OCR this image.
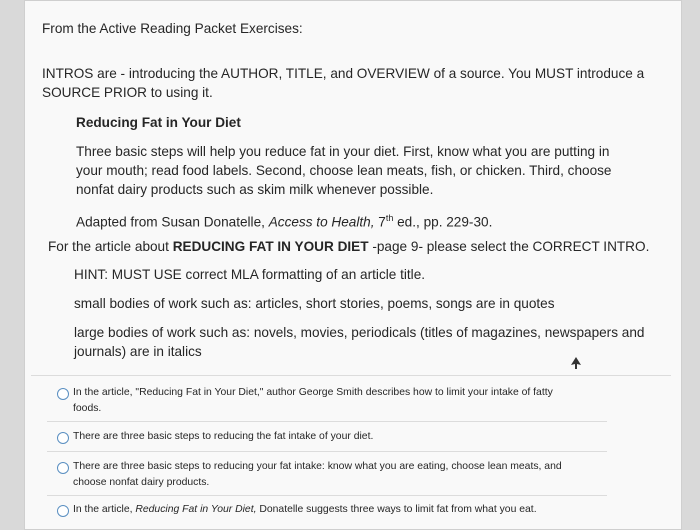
From the Active Reading Packet Exercises:

INTROS are - introducing the AUTHOR, TITLE, and OVERVIEW of a source. You MUST introduce a

SOURCE PRIOR to using it.

Reducing Fat in Your Diet

Three basic steps will help you reduce fat in your diet. First, know what you are putting in

your mouth; read food labels. Second, choose lean meats, fish, or chicken. Third, choose

nonfat dairy products such as skim milk whenever possible.

Adapted from Susan Donatelle, Access to Health, 7th ed., pp. 229-30.

For the article about REDUCING FAT IN YOUR DIET -page 9- please select the CORRECT INTRO.

HINT: MUST USE correct MLA formatting of an article title.

small bodies of work such as: articles, short stories, poems, songs are in quotes

large bodies of work such as: novels, movies, periodicals (titles of magazines, newspapers and

journals) are in italics

In the article, "Reducing Fat in Your Diet," author George Smith describes how to limit your intake of fatty

foods.

There are three basic steps to reducing the fat intake of your diet.

There are three basic steps to reducing your fat intake: know what you are eating, choose lean meats, and

choose nonfat dairy products.

In the article, Reducing Fat in Your Diet, Donatelle suggests three ways to limit fat from what you eat.
